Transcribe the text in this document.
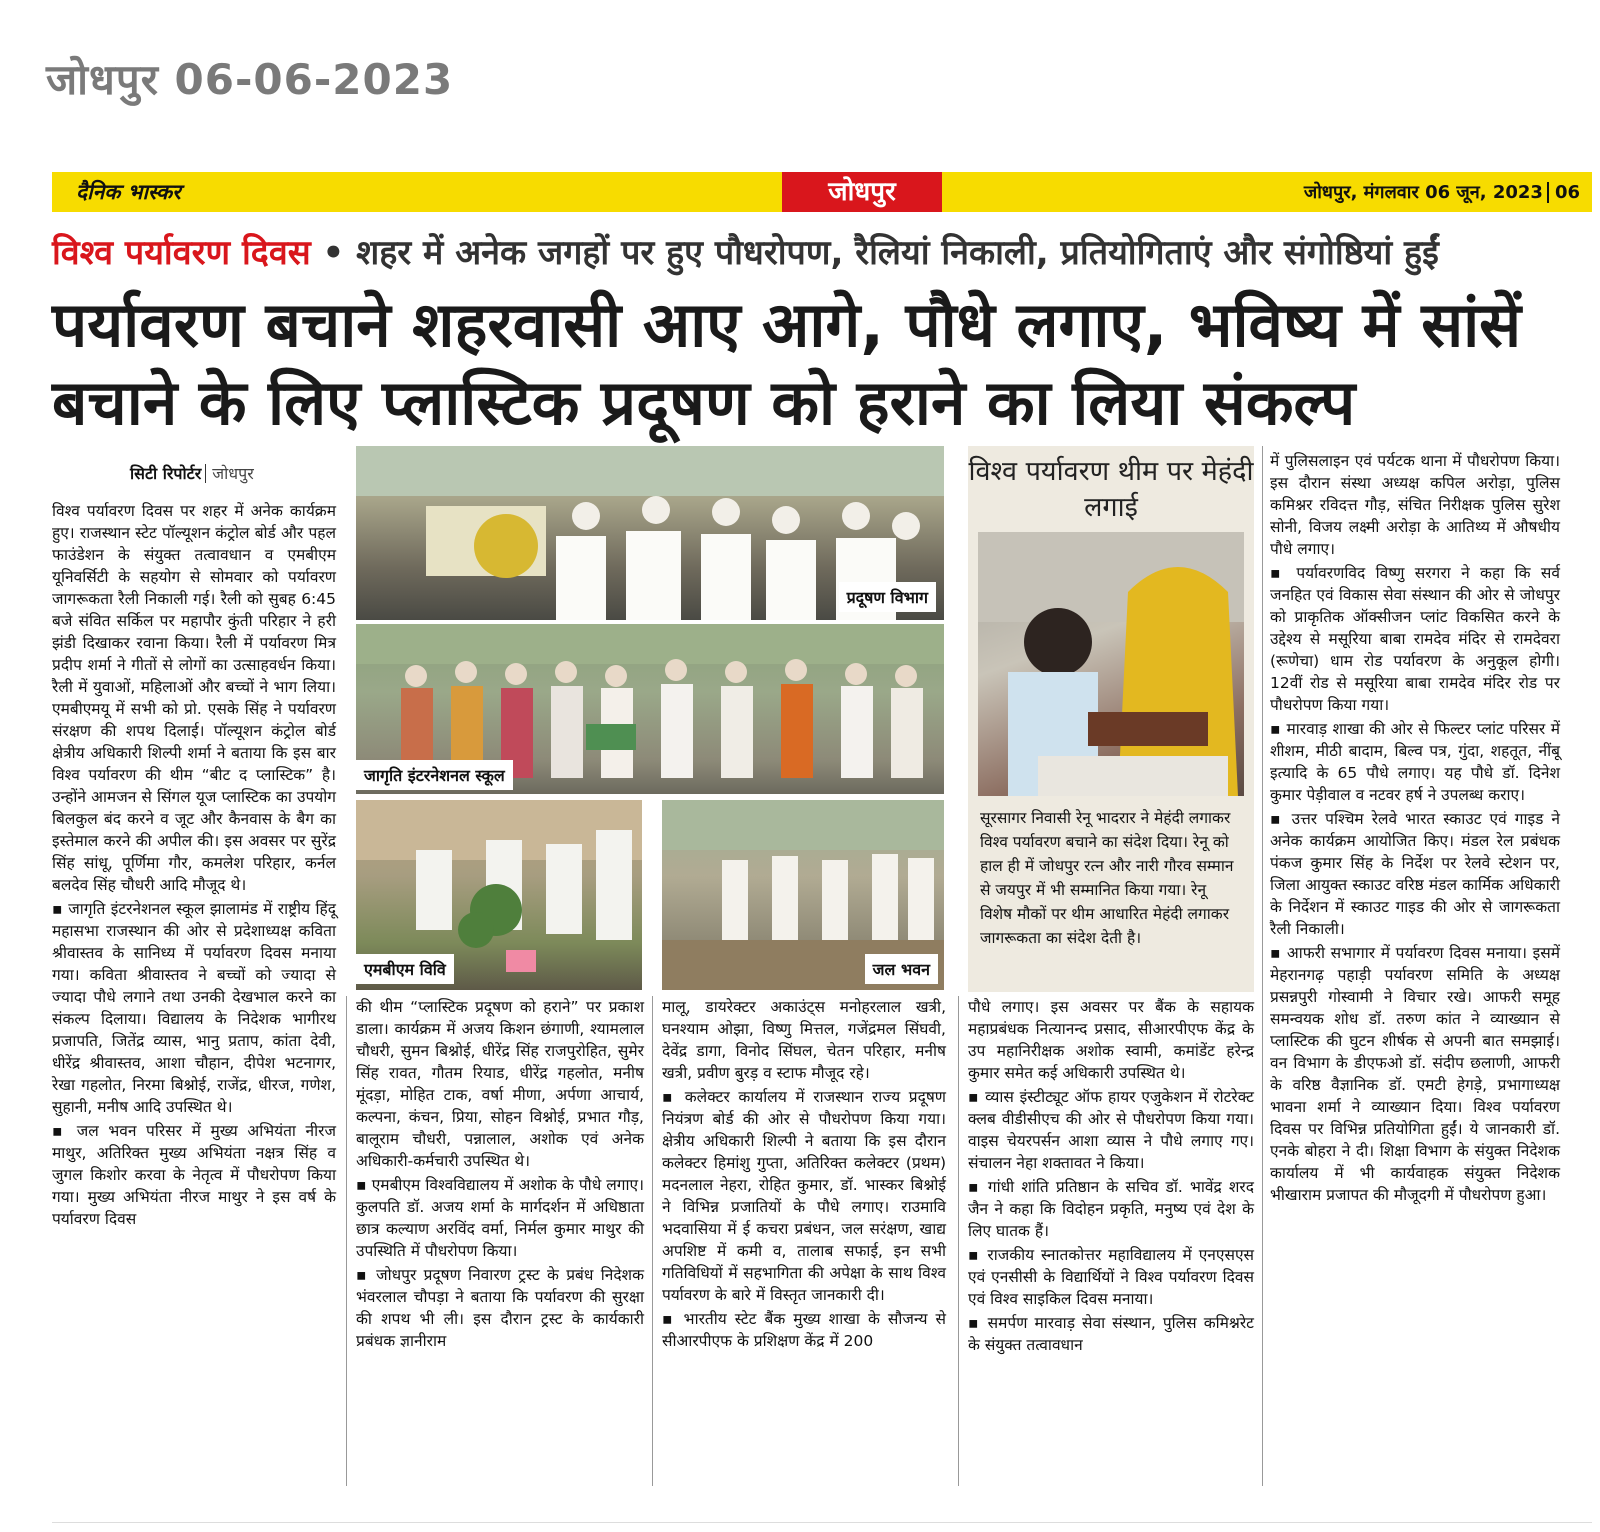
जोधपुर 06-06-2023
दैनिक भास्कर	जोधपुर	जोधपुर, मंगलवार 06 जून, 2023 06
विश्व पर्यावरण दिवस • शहर में अनेक जगहों पर हुए पौधरोपण, रैलियां निकाली, प्रतियोगिताएं और संगोष्ठियां हुईं
पर्यावरण बचाने शहरवासी आए आगे, पौधे लगाए, भविष्य में सांसें
बचाने के लिए प्लास्टिक प्रदूषण को हराने का लिया संकल्प
सिटी रिपोर्टर जोधपुर

विश्व पर्यावरण दिवस पर शहर में अनेक कार्यक्रम हुए। राजस्थान स्टेट पॉल्यूशन कंट्रोल बोर्ड और पहल फाउंडेशन के संयुक्त तत्वावधान व एमबीएम यूनिवर्सिटी के सहयोग से सोमवार को पर्यावरण जागरूकता रैली निकाली गई। रैली को सुबह 6:45 बजे संवित सर्किल पर महापौर कुंती परिहार ने हरी झंडी दिखाकर रवाना किया। रैली में पर्यावरण मित्र प्रदीप शर्मा ने गीतों से लोगों का उत्साहवर्धन किया। रैली में युवाओं, महिलाओं और बच्चों ने भाग लिया। एमबीएमयू में सभी को प्रो. एसके सिंह ने पर्यावरण संरक्षण की शपथ दिलाई। पॉल्यूशन कंट्रोल बोर्ड क्षेत्रीय अधिकारी शिल्पी शर्मा ने बताया कि इस बार विश्व पर्यावरण की थीम “बीट द प्लास्टिक” है। उन्होंने आमजन से सिंगल यूज प्लास्टिक का उपयोग बिलकुल बंद करने व जूट और कैनवास के बैग का इस्तेमाल करने की अपील की। इस अवसर पर सुरेंद्र सिंह सांधू, पूर्णिमा गौर, कमलेश परिहार, कर्नल बलदेव सिंह चौधरी आदि मौजूद थे।

▪ जागृति इंटरनेशनल स्कूल झालामंड में राष्ट्रीय हिंदू महासभा राजस्थान की ओर से प्रदेशाध्यक्ष कविता श्रीवास्तव के सानिध्य में पर्यावरण दिवस मनाया गया। कविता श्रीवास्तव ने बच्चों को ज्यादा से ज्यादा पौधे लगाने तथा उनकी देखभाल करने का संकल्प दिलाया। विद्यालय के निदेशक भागीरथ प्रजापति, जितेंद्र व्यास, भानु प्रताप, कांता देवी, धीरेंद्र श्रीवास्तव, आशा चौहान, दीपेश भटनागर, रेखा गहलोत, निरमा बिश्नोई, राजेंद्र, धीरज, गणेश, सुहानी, मनीष आदि उपस्थित थे।

▪ जल भवन परिसर में मुख्य अभियंता नीरज माथुर, अतिरिक्त मुख्य अभियंता नक्षत्र सिंह व जुगल किशोर करवा के नेतृत्व में पौधरोपण किया गया। मुख्य अभियंता नीरज माथुर ने इस वर्ष के पर्यावरण दिवस

प्रदूषण विभाग
जागृति इंटरनेशनल स्कूल
एमबीएम विवि	जल भवन
विश्व पर्यावरण थीम पर मेहंदी लगाई
सूरसागर निवासी रेनू भादरार ने मेहंदी लगाकर विश्व पर्यावरण बचाने का संदेश दिया। रेनू को हाल ही में जोधपुर रत्न और नारी गौरव सम्मान से जयपुर में भी सम्मानित किया गया। रेनू विशेष मौकों पर थीम आधारित मेहंदी लगाकर जागरूकता का संदेश देती है।

की थीम “प्लास्टिक प्रदूषण को हराने” पर प्रकाश डाला। कार्यक्रम में अजय किशन छंगाणी, श्यामलाल चौधरी, सुमन बिश्नोई, धीरेंद्र सिंह राजपुरोहित, सुमेर सिंह रावत, गौतम रियाड, धीरेंद्र गहलोत, मनीष मूंदड़ा, मोहित टाक, वर्षा मीणा, अर्पणा आचार्य, कल्पना, कंचन, प्रिया, सोहन विश्नोई, प्रभात गौड़, बालूराम चौधरी, पन्नालाल, अशोक एवं अनेक अधिकारी-कर्मचारी उपस्थित थे।

▪ एमबीएम विश्वविद्यालय में अशोक के पौधे लगाए। कुलपति डॉ. अजय शर्मा के मार्गदर्शन में अधिष्ठाता छात्र कल्याण अरविंद वर्मा, निर्मल कुमार माथुर की उपस्थिति में पौधरोपण किया।

▪ जोधपुर प्रदूषण निवारण ट्रस्ट के प्रबंध निदेशक भंवरलाल चौपड़ा ने बताया कि पर्यावरण की सुरक्षा की शपथ भी ली। इस दौरान ट्रस्ट के कार्यकारी प्रबंधक ज्ञानीराम

मालू, डायरेक्टर अकाउंट्स मनोहरलाल खत्री, घनश्याम ओझा, विष्णु मित्तल, गजेंद्रमल सिंघवी, देवेंद्र डागा, विनोद सिंघल, चेतन परिहार, मनीष खत्री, प्रवीण बुरड़ व स्टाफ मौजूद रहे।

▪ कलेक्टर कार्यालय में राजस्थान राज्य प्रदूषण नियंत्रण बोर्ड की ओर से पौधरोपण किया गया। क्षेत्रीय अधिकारी शिल्पी ने बताया कि इस दौरान कलेक्टर हिमांशु गुप्ता, अतिरिक्त कलेक्टर (प्रथम) मदनलाल नेहरा, रोहित कुमार, डॉ. भास्कर बिश्नोई ने विभिन्न प्रजातियों के पौधे लगाए। राउमावि भदवासिया में ई कचरा प्रबंधन, जल सरंक्षण, खाद्य अपशिष्ट में कमी व, तालाब सफाई, इन सभी गतिविधियों में सहभागिता की अपेक्षा के साथ विश्व पर्यावरण के बारे में विस्तृत जानकारी दी।

▪ भारतीय स्टेट बैंक मुख्य शाखा के सौजन्य से सीआरपीएफ के प्रशिक्षण केंद्र में 200

पौधे लगाए। इस अवसर पर बैंक के सहायक महाप्रबंधक नित्यानन्द प्रसाद, सीआरपीएफ केंद्र के उप महानिरीक्षक अशोक स्वामी, कमांडेंट हरेन्द्र कुमार समेत कई अधिकारी उपस्थित थे।

▪ व्यास इंस्टीट्यूट ऑफ हायर एजुकेशन में रोटरेक्ट क्लब वीडीसीएच की ओर से पौधरोपण किया गया। वाइस चेयरपर्सन आशा व्यास ने पौधे लगाए गए। संचालन नेहा शक्तावत ने किया।

▪ गांधी शांति प्रतिष्ठान के सचिव डॉ. भावेंद्र शरद जैन ने कहा कि विदोहन प्रकृति, मनुष्य एवं देश के लिए घातक हैं।

▪ राजकीय स्नातकोत्तर महाविद्यालय में एनएसएस एवं एनसीसी के विद्यार्थियों ने विश्व पर्यावरण दिवस एवं विश्व साइकिल दिवस मनाया।

▪ समर्पण मारवाड़ सेवा संस्थान, पुलिस कमिश्नरेट के संयुक्त तत्वावधान

में पुलिसलाइन एवं पर्यटक थाना में पौधरोपण किया। इस दौरान संस्था अध्यक्ष कपिल अरोड़ा, पुलिस कमिश्नर रविदत्त गौड़, संचित निरीक्षक पुलिस सुरेश सोनी, विजय लक्ष्मी अरोड़ा के आतिथ्य में औषधीय पौधे लगाए।

▪ पर्यावरणविद विष्णु सरगरा ने कहा कि सर्व जनहित एवं विकास सेवा संस्थान की ओर से जोधपुर को प्राकृतिक ऑक्सीजन प्लांट विकसित करने के उद्देश्य से मसूरिया बाबा रामदेव मंदिर से रामदेवरा (रूणेचा) धाम रोड पर्यावरण के अनुकूल होगी। 12वीं रोड से मसूरिया बाबा रामदेव मंदिर रोड पर पौधरोपण किया गया।

▪ मारवाड़ शाखा की ओर से फिल्टर प्लांट परिसर में शीशम, मीठी बादाम, बिल्व पत्र, गुंदा, शहतूत, नींबू इत्यादि के 65 पौधे लगाए। यह पौधे डॉ. दिनेश कुमार पेड़ीवाल व नटवर हर्ष ने उपलब्ध कराए।

▪ उत्तर पश्चिम रेलवे भारत स्काउट एवं गाइड ने अनेक कार्यक्रम आयोजित किए। मंडल रेल प्रबंधक पंकज कुमार सिंह के निर्देश पर रेलवे स्टेशन पर, जिला आयुक्त स्काउट वरिष्ठ मंडल कार्मिक अधिकारी के निर्देशन में स्काउट गाइड की ओर से जागरूकता रैली निकाली।

▪ आफरी सभागार में पर्यावरण दिवस मनाया। इसमें मेहरानगढ़ पहाड़ी पर्यावरण समिति के अध्यक्ष प्रसन्नपुरी गोस्वामी ने विचार रखे। आफरी समूह समन्वयक शोध डॉ. तरुण कांत ने व्याख्यान से प्लास्टिक की घुटन शीर्षक से अपनी बात समझाई। वन विभाग के डीएफओ डॉ. संदीप छलाणी, आफरी के वरिष्ठ वैज्ञानिक डॉ. एमटी हेगड़े, प्रभागाध्यक्ष भावना शर्मा ने व्याख्यान दिया। विश्व पर्यावरण दिवस पर विभिन्न प्रतियोगिता हुईं। ये जानकारी डॉ. एनके बोहरा ने दी। शिक्षा विभाग के संयुक्त निदेशक कार्यालय में भी कार्यवाहक संयुक्त निदेशक भीखाराम प्रजापत की मौजूदगी में पौधरोपण हुआ।
